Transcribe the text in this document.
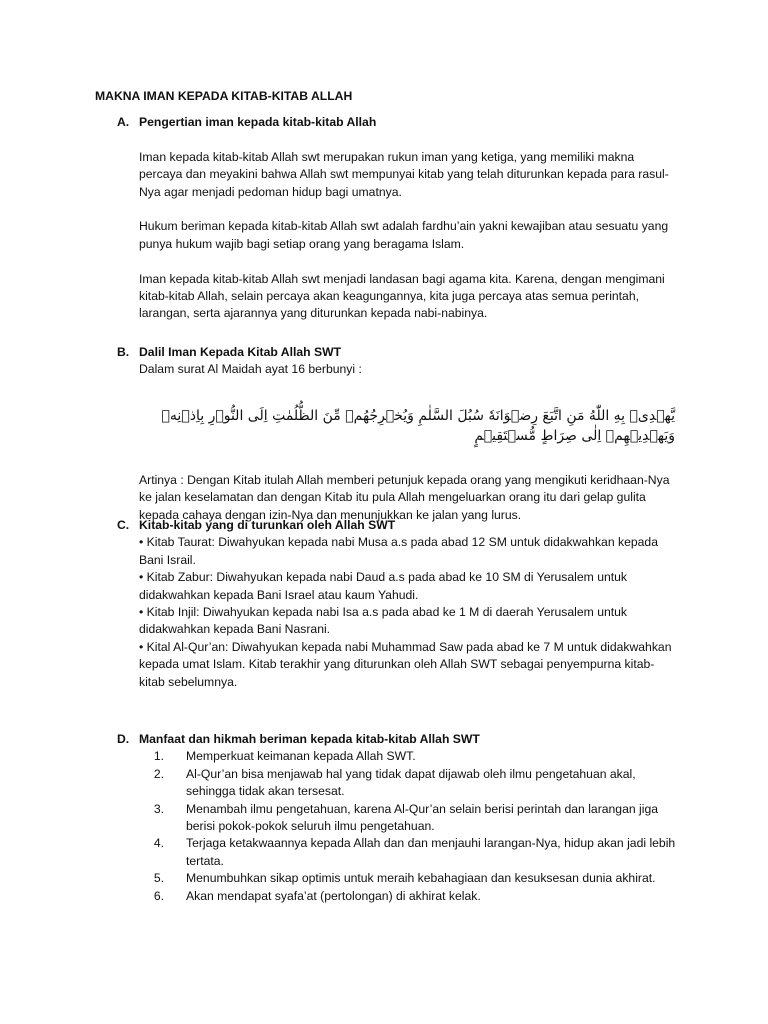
MAKNA IMAN KEPADA KITAB-KITAB ALLAH
A. Pengertian iman kepada kitab-kitab Allah

Iman kepada kitab-kitab Allah swt merupakan rukun iman yang ketiga, yang memiliki makna percaya dan meyakini bahwa Allah swt mempunyai kitab yang telah diturunkan kepada para rasul-Nya agar menjadi pedoman hidup bagi umatnya.

Hukum beriman kepada kitab-kitab Allah swt adalah fardhu’ain yakni kewajiban atau sesuatu yang punya hukum wajib bagi setiap orang yang beragama Islam.

Iman kepada kitab-kitab Allah swt menjadi landasan bagi agama kita. Karena, dengan mengimani kitab-kitab Allah, selain percaya akan keagungannya, kita juga percaya atas semua perintah, larangan, serta ajarannya yang diturunkan kepada nabi-nabinya.

B. Dalil Iman Kepada Kitab Allah SWT

Dalam surat Al Maidah ayat 16 berbunyi :

يَّهۡدِىۡ بِهِ اللّٰهُ مَنِ اتَّبَعَ رِضۡوَانَهٗ سُبُلَ السَّلٰمِ وَيُخۡرِجُهُمۡ مِّنَ الظُّلُمٰتِ اِلَى النُّوۡرِ بِاِذۡنِهٖ وَيَهۡدِيۡهِمۡ اِلٰى صِرَاطٍ مُّسۡتَقِيۡمٍ

Artinya : Dengan Kitab itulah Allah memberi petunjuk kepada orang yang mengikuti keridhaan-Nya ke jalan keselamatan dan dengan Kitab itu pula Allah mengeluarkan orang itu dari gelap gulita kepada cahaya dengan izin-Nya dan menunjukkan ke jalan yang lurus.

C. Kitab-kitab yang di turunkan oleh Allah SWT

• Kitab Taurat: Diwahyukan kepada nabi Musa a.s pada abad 12 SM untuk didakwahkan kepada Bani Israil.

• Kitab Zabur: Diwahyukan kepada nabi Daud a.s pada abad ke 10 SM di Yerusalem untuk didakwahkan kepada Bani Israel atau kaum Yahudi.

• Kitab Injil: Diwahyukan kepada nabi Isa a.s pada abad ke 1 M di daerah Yerusalem untuk didakwahkan kepada Bani Nasrani.

• Kital Al-Qur’an: Diwahyukan kepada nabi Muhammad Saw pada abad ke 7 M untuk didakwahkan kepada umat Islam. Kitab terakhir yang diturunkan oleh Allah SWT sebagai penyempurna kitab-kitab sebelumnya.

D. Manfaat dan hikmah beriman kepada kitab-kitab Allah SWT
1.	Memperkuat keimanan kepada Allah SWT.
2.	Al-Qur’an bisa menjawab hal yang tidak dapat dijawab oleh ilmu pengetahuan akal, sehingga tidak akan tersesat.
3.	Menambah ilmu pengetahuan, karena Al-Qur’an selain berisi perintah dan larangan jiga berisi pokok-pokok seluruh ilmu pengetahuan.
4.	Terjaga ketakwaannya kepada Allah dan dan menjauhi larangan-Nya, hidup akan jadi lebih tertata.
5.	Menumbuhkan sikap optimis untuk meraih kebahagiaan dan kesuksesan dunia akhirat.
6.	Akan mendapat syafa’at (pertolongan) di akhirat kelak.
